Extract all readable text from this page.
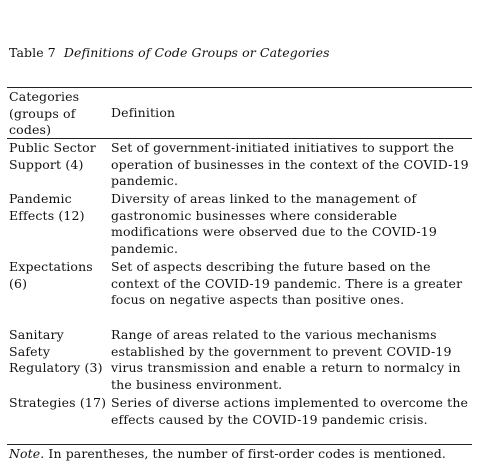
Table 7 Definitions of Code Groups or Categories
Categories (groups of codes)
Definition
Public Sector Support (4)
Set of government-initiated initiatives to support the operation of businesses in the context of the COVID-19 pandemic.
Pandemic Effects (12)
Diversity of areas linked to the management of gastronomic businesses where considerable modifications were observed due to the COVID-19 pandemic.
Expectations (6)
Set of aspects describing the future based on the context of the COVID-19 pandemic. There is a greater focus on negative aspects than positive ones.
Sanitary Safety Regulatory (3)
Range of areas related to the various mechanisms established by the government to prevent COVID-19 virus transmission and enable a return to normalcy in the business environment.
Strategies (17) Series of diverse actions implemented to overcome the effects caused by the COVID-19 pandemic crisis.
Note. In parentheses, the number of first-order codes is mentioned.
